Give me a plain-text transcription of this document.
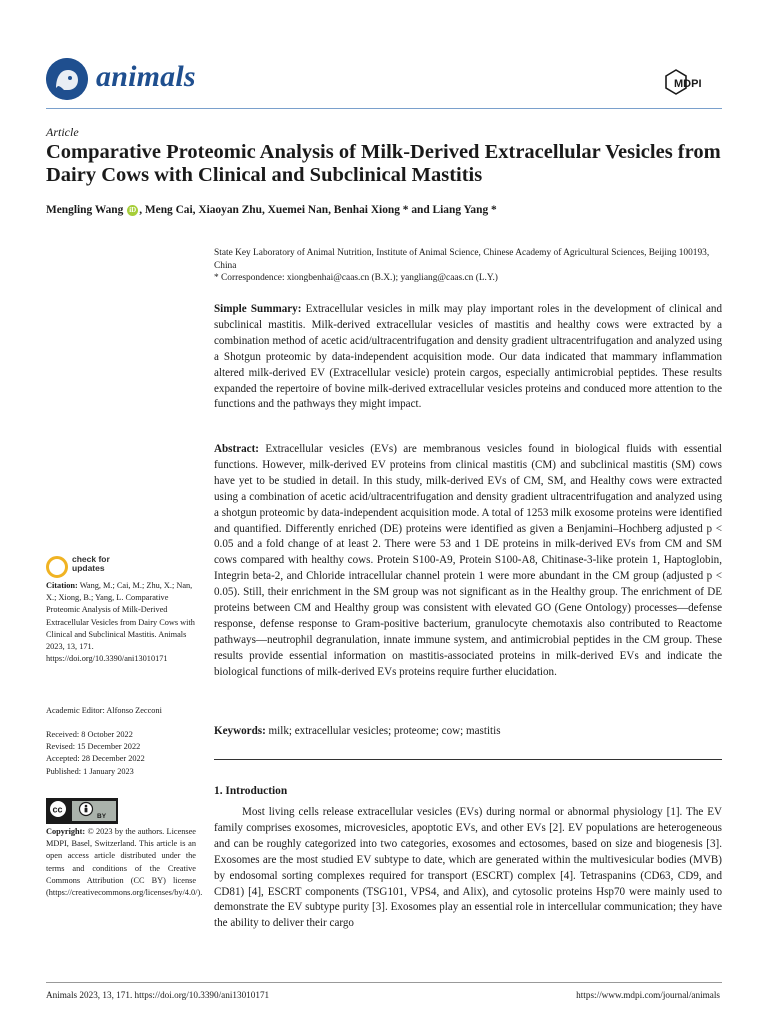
animals	MDPI
Article
Comparative Proteomic Analysis of Milk-Derived Extracellular Vesicles from Dairy Cows with Clinical and Subclinical Mastitis
Mengling Wang iD , Meng Cai, Xiaoyan Zhu, Xuemei Nan, Benhai Xiong * and Liang Yang *
State Key Laboratory of Animal Nutrition, Institute of Animal Science, Chinese Academy of Agricultural Sciences, Beijing 100193, China
* Correspondence: xiongbenhai@caas.cn (B.X.); yangliang@caas.cn (L.Y.)
Simple Summary: Extracellular vesicles in milk may play important roles in the development of clinical and subclinical mastitis. Milk-derived extracellular vesicles of mastitis and healthy cows were extracted by a combination method of acetic acid/ultracentrifugation and density gradient ultracentrifugation and analyzed using a Shotgun proteomic by data-independent acquisition mode. Our data indicated that mammary inflammation altered milk-derived EV (Extracellular vesicle) protein cargos, especially antimicrobial peptides. These results expanded the repertoire of bovine milk-derived extracellular vesicles proteins and conduced more attention to the functions and the pathways they might impact.
Abstract: Extracellular vesicles (EVs) are membranous vesicles found in biological fluids with essential functions. However, milk-derived EV proteins from clinical mastitis (CM) and subclinical mastitis (SM) cows have yet to be studied in detail. In this study, milk-derived EVs of CM, SM, and Healthy cows were extracted using a combination of acetic acid/ultracentrifugation and density gradient ultracentrifugation and analyzed using a shotgun proteomic by data-independent acquisition mode. A total of 1253 milk exosome proteins were identified and quantified. Differently enriched (DE) proteins were identified as given a Benjamini–Hochberg adjusted p < 0.05 and a fold change of at least 2. There were 53 and 1 DE proteins in milk-derived EVs from CM and SM cows compared with healthy cows. Protein S100-A9, Protein S100-A8, Chitinase-3-like protein 1, Haptoglobin, Integrin beta-2, and Chloride intracellular channel protein 1 were more abundant in the CM group (adjusted p < 0.05). Still, their enrichment in the SM group was not significant as in the Healthy group. The enrichment of DE proteins between CM and Healthy group was consistent with elevated GO (Gene Ontology) processes—defense response, defense response to Gram-positive bacterium, granulocyte chemotaxis also contributed to Reactome pathways—neutrophil degranulation, innate immune system, and antimicrobial peptides in the CM group. These results provide essential information on mastitis-associated proteins in milk-derived EVs and indicate the biological functions of milk-derived EVs proteins require further elucidation.
Keywords: milk; extracellular vesicles; proteome; cow; mastitis
1. Introduction
Most living cells release extracellular vesicles (EVs) during normal or abnormal physiology [1]. The EV family comprises exosomes, microvesicles, apoptotic EVs, and other EVs [2]. EV populations are heterogeneous and can be roughly categorized into two categories, exosomes and ectosomes, based on size and biogenesis [3]. Exosomes are the most studied EV subtype to date, which are generated within the multivesicular bodies (MVB) by endosomal sorting complexes required for transport (ESCRT) complex [4]. Tetraspanins (CD63, CD9, and CD81) [4], ESCRT components (TSG101, VPS4, and Alix), and cytosolic proteins Hsp70 were mainly used to demonstrate the EV subtype purity [3]. Exosomes play an essential role in intercellular communication; they have the ability to deliver their cargo
check for
updates
Citation: Wang, M.; Cai, M.; Zhu, X.; Nan, X.; Xiong, B.; Yang, L. Comparative Proteomic Analysis of Milk-Derived Extracellular Vesicles from Dairy Cows with Clinical and Subclinical Mastitis. Animals 2023, 13, 171. https://doi.org/10.3390/ani13010171
Academic Editor: Alfonso Zecconi
Received: 8 October 2022
Revised: 15 December 2022
Accepted: 28 December 2022
Published: 1 January 2023
cc
BY
Copyright: © 2023 by the authors. Licensee MDPI, Basel, Switzerland. This article is an open access article distributed under the terms and conditions of the Creative Commons Attribution (CC BY) license (https://creativecommons.org/licenses/by/4.0/).
Animals 2023, 13, 171. https://doi.org/10.3390/ani13010171	https://www.mdpi.com/journal/animals
